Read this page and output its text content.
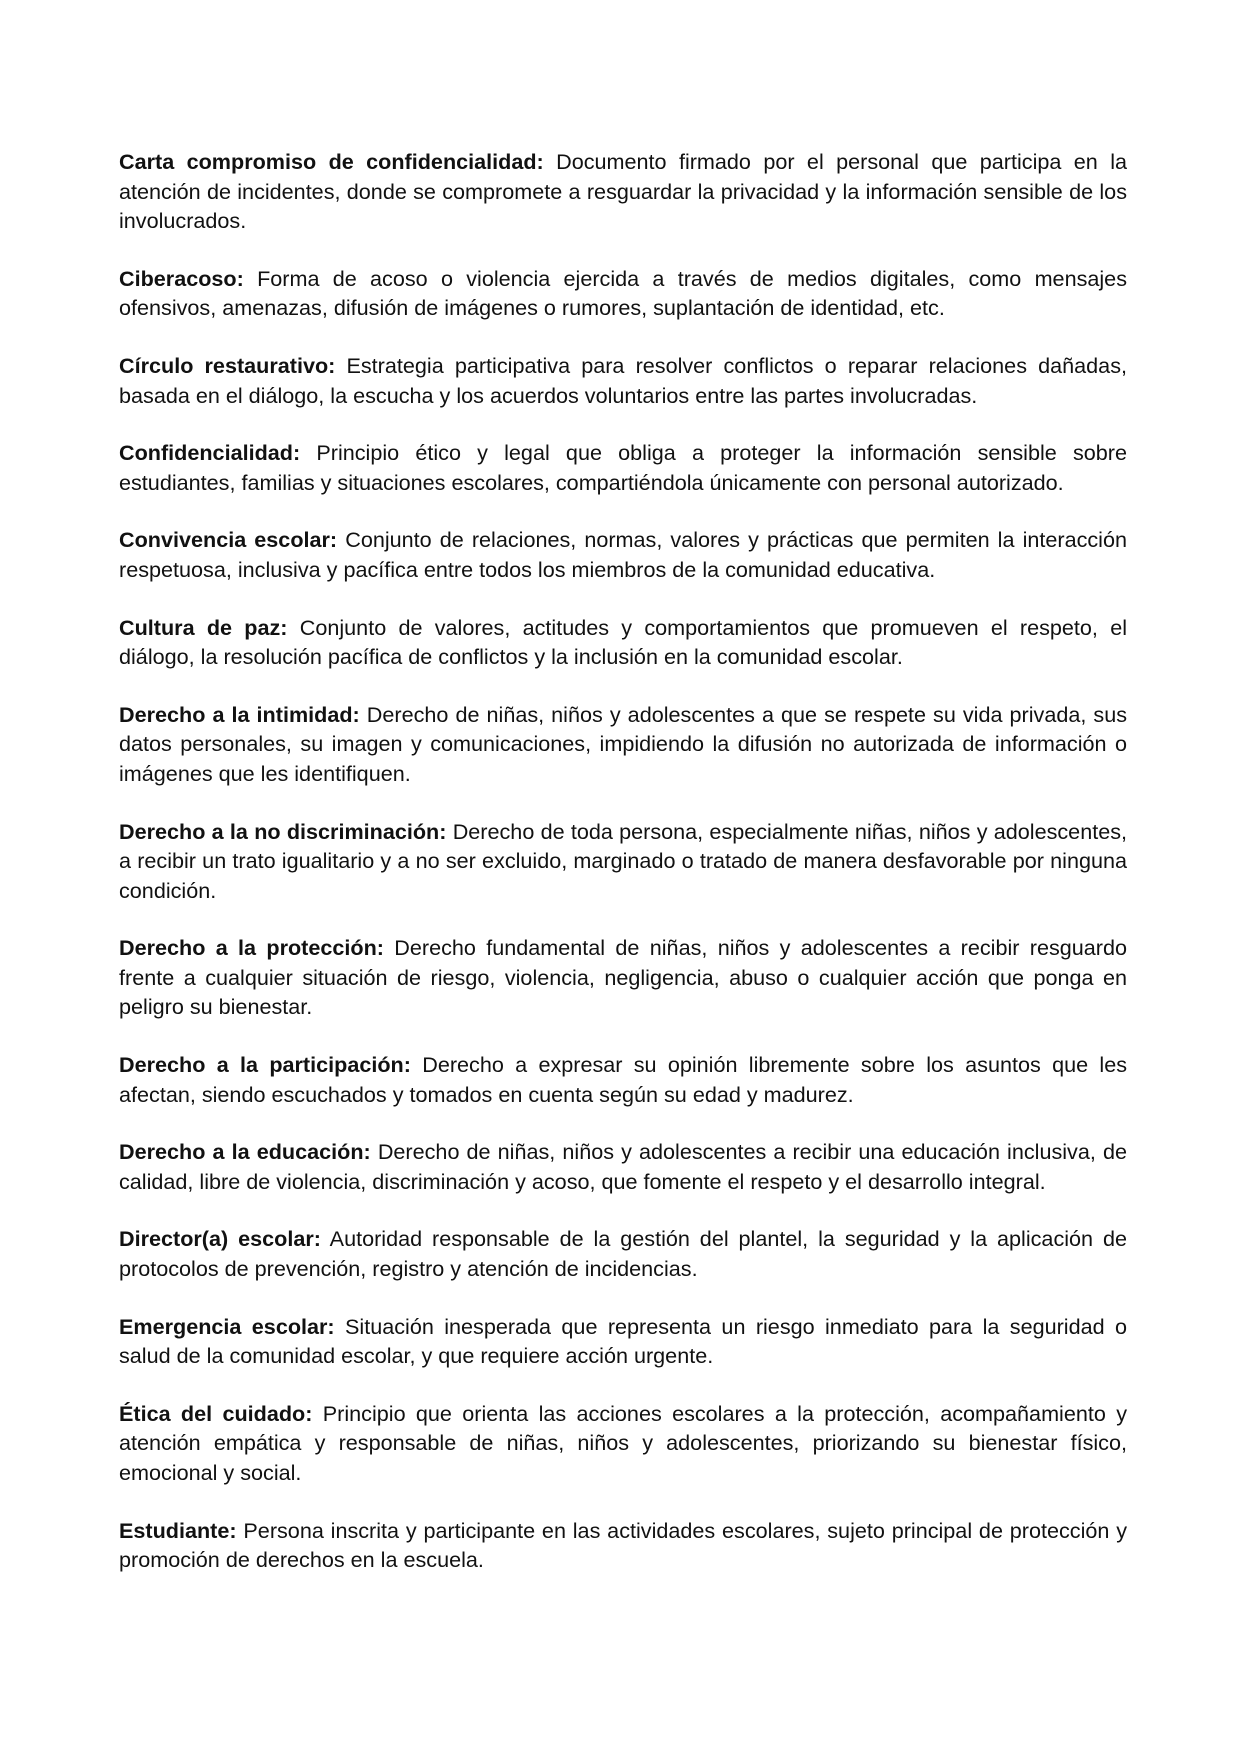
Carta compromiso de confidencialidad: Documento firmado por el personal que participa en la atención de incidentes, donde se compromete a resguardar la privacidad y la información sensible de los involucrados.

Ciberacoso: Forma de acoso o violencia ejercida a través de medios digitales, como mensajes ofensivos, amenazas, difusión de imágenes o rumores, suplantación de identidad, etc.

Círculo restaurativo: Estrategia participativa para resolver conflictos o reparar relaciones dañadas, basada en el diálogo, la escucha y los acuerdos voluntarios entre las partes involucradas.

Confidencialidad: Principio ético y legal que obliga a proteger la información sensible sobre estudiantes, familias y situaciones escolares, compartiéndola únicamente con personal autorizado.

Convivencia escolar: Conjunto de relaciones, normas, valores y prácticas que permiten la interacción respetuosa, inclusiva y pacífica entre todos los miembros de la comunidad educativa.

Cultura de paz: Conjunto de valores, actitudes y comportamientos que promueven el respeto, el diálogo, la resolución pacífica de conflictos y la inclusión en la comunidad escolar.

Derecho a la intimidad: Derecho de niñas, niños y adolescentes a que se respete su vida privada, sus datos personales, su imagen y comunicaciones, impidiendo la difusión no autorizada de información o imágenes que les identifiquen.

Derecho a la no discriminación: Derecho de toda persona, especialmente niñas, niños y adolescentes, a recibir un trato igualitario y a no ser excluido, marginado o tratado de manera desfavorable por ninguna condición.

Derecho a la protección: Derecho fundamental de niñas, niños y adolescentes a recibir resguardo frente a cualquier situación de riesgo, violencia, negligencia, abuso o cualquier acción que ponga en peligro su bienestar.

Derecho a la participación: Derecho a expresar su opinión libremente sobre los asuntos que les afectan, siendo escuchados y tomados en cuenta según su edad y madurez.

Derecho a la educación: Derecho de niñas, niños y adolescentes a recibir una educación inclusiva, de calidad, libre de violencia, discriminación y acoso, que fomente el respeto y el desarrollo integral.

Director(a) escolar: Autoridad responsable de la gestión del plantel, la seguridad y la aplicación de protocolos de prevención, registro y atención de incidencias.

Emergencia escolar: Situación inesperada que representa un riesgo inmediato para la seguridad o salud de la comunidad escolar, y que requiere acción urgente.

Ética del cuidado: Principio que orienta las acciones escolares a la protección, acompañamiento y atención empática y responsable de niñas, niños y adolescentes, priorizando su bienestar físico, emocional y social.

Estudiante: Persona inscrita y participante en las actividades escolares, sujeto principal de protección y promoción de derechos en la escuela.
